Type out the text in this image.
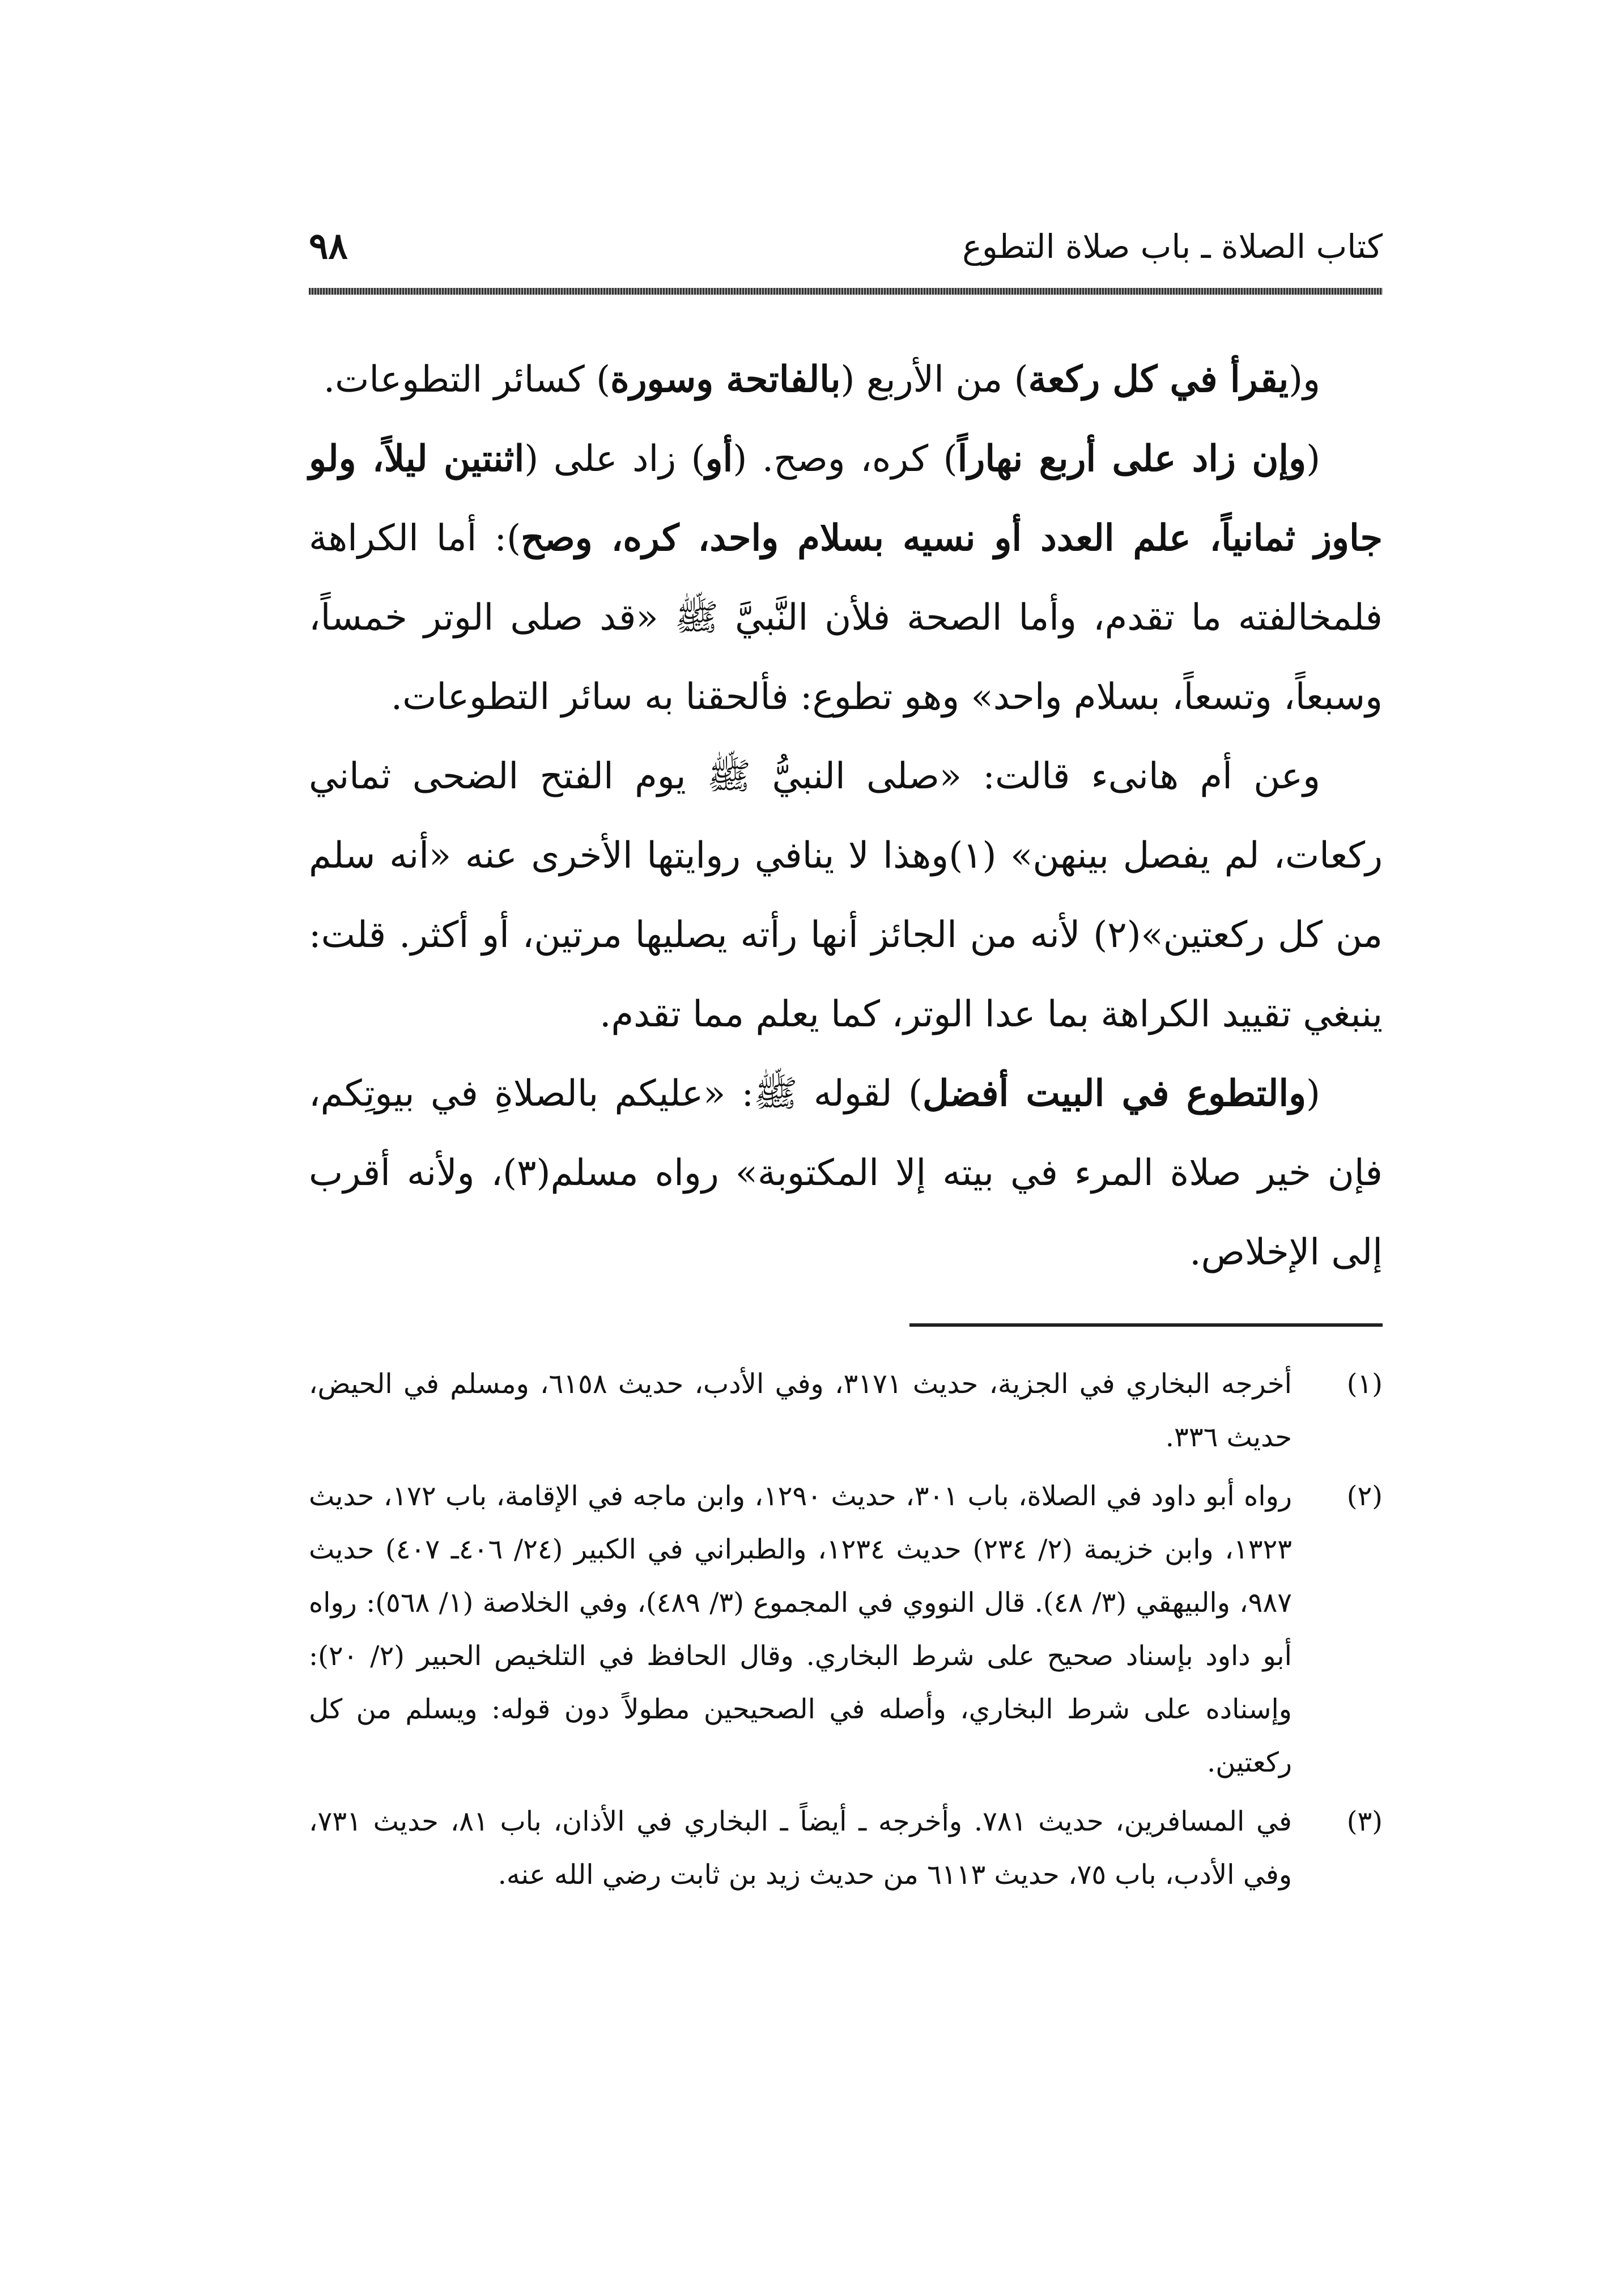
٩٨	كتاب الصلاة ـ باب صلاة التطوع

و(يقرأ في كل ركعة) من الأربع (بالفاتحة وسورة) كسائر التطوعات.

(وإن زاد على أربع نهاراً) كره، وصح. (أو) زاد على (اثنتين ليلاً، ولو جاوز ثمانياً، علم العدد أو نسيه بسلام واحد، كره، وصح): أما الكراهة فلمخالفته ما تقدم، وأما الصحة فلأن النَّبيَّ ﷺ «قد صلى الوتر خمساً، وسبعاً، وتسعاً، بسلام واحد» وهو تطوع: فألحقنا به سائر التطوعات.

وعن أم هانىء قالت: «صلى النبيُّ ﷺ يوم الفتح الضحى ثماني ركعات، لم يفصل بينهن» (١)وهذا لا ينافي روايتها الأخرى عنه «أنه سلم من كل ركعتين»(٢) لأنه من الجائز أنها رأته يصليها مرتين، أو أكثر. قلت: ينبغي تقييد الكراهة بما عدا الوتر، كما يعلم مما تقدم.

(والتطوع في البيت أفضل) لقوله ﷺ: «عليكم بالصلاةِ في بيوتِكم، فإن خير صلاة المرء في بيته إلا المكتوبة» رواه مسلم(٣)، ولأنه أقرب إلى الإخلاص.

(١)
أخرجه البخاري في الجزية، حديث ٣١٧١، وفي الأدب، حديث ٦١٥٨، ومسلم في الحيض، حديث ٣٣٦.
(٢)
رواه أبو داود في الصلاة، باب ٣٠١، حديث ١٢٩٠، وابن ماجه في الإقامة، باب ١٧٢، حديث ١٣٢٣، وابن خزيمة (٢/ ٢٣٤) حديث ١٢٣٤، والطبراني في الكبير (٢٤/ ٤٠٦ـ ٤٠٧) حديث ٩٨٧، والبيهقي (٣/ ٤٨). قال النووي في المجموع (٣/ ٤٨٩)، وفي الخلاصة (١/ ٥٦٨): رواه أبو داود بإسناد صحيح على شرط البخاري. وقال الحافظ في التلخيص الحبير (٢/ ٢٠): وإسناده على شرط البخاري، وأصله في الصحيحين مطولاً دون قوله: ويسلم من كل ركعتين.
(٣)
في المسافرين، حديث ٧٨١. وأخرجه ـ أيضاً ـ البخاري في الأذان، باب ٨١، حديث ٧٣١، وفي الأدب، باب ٧٥، حديث ٦١١٣ من حديث زيد بن ثابت رضي الله عنه.
